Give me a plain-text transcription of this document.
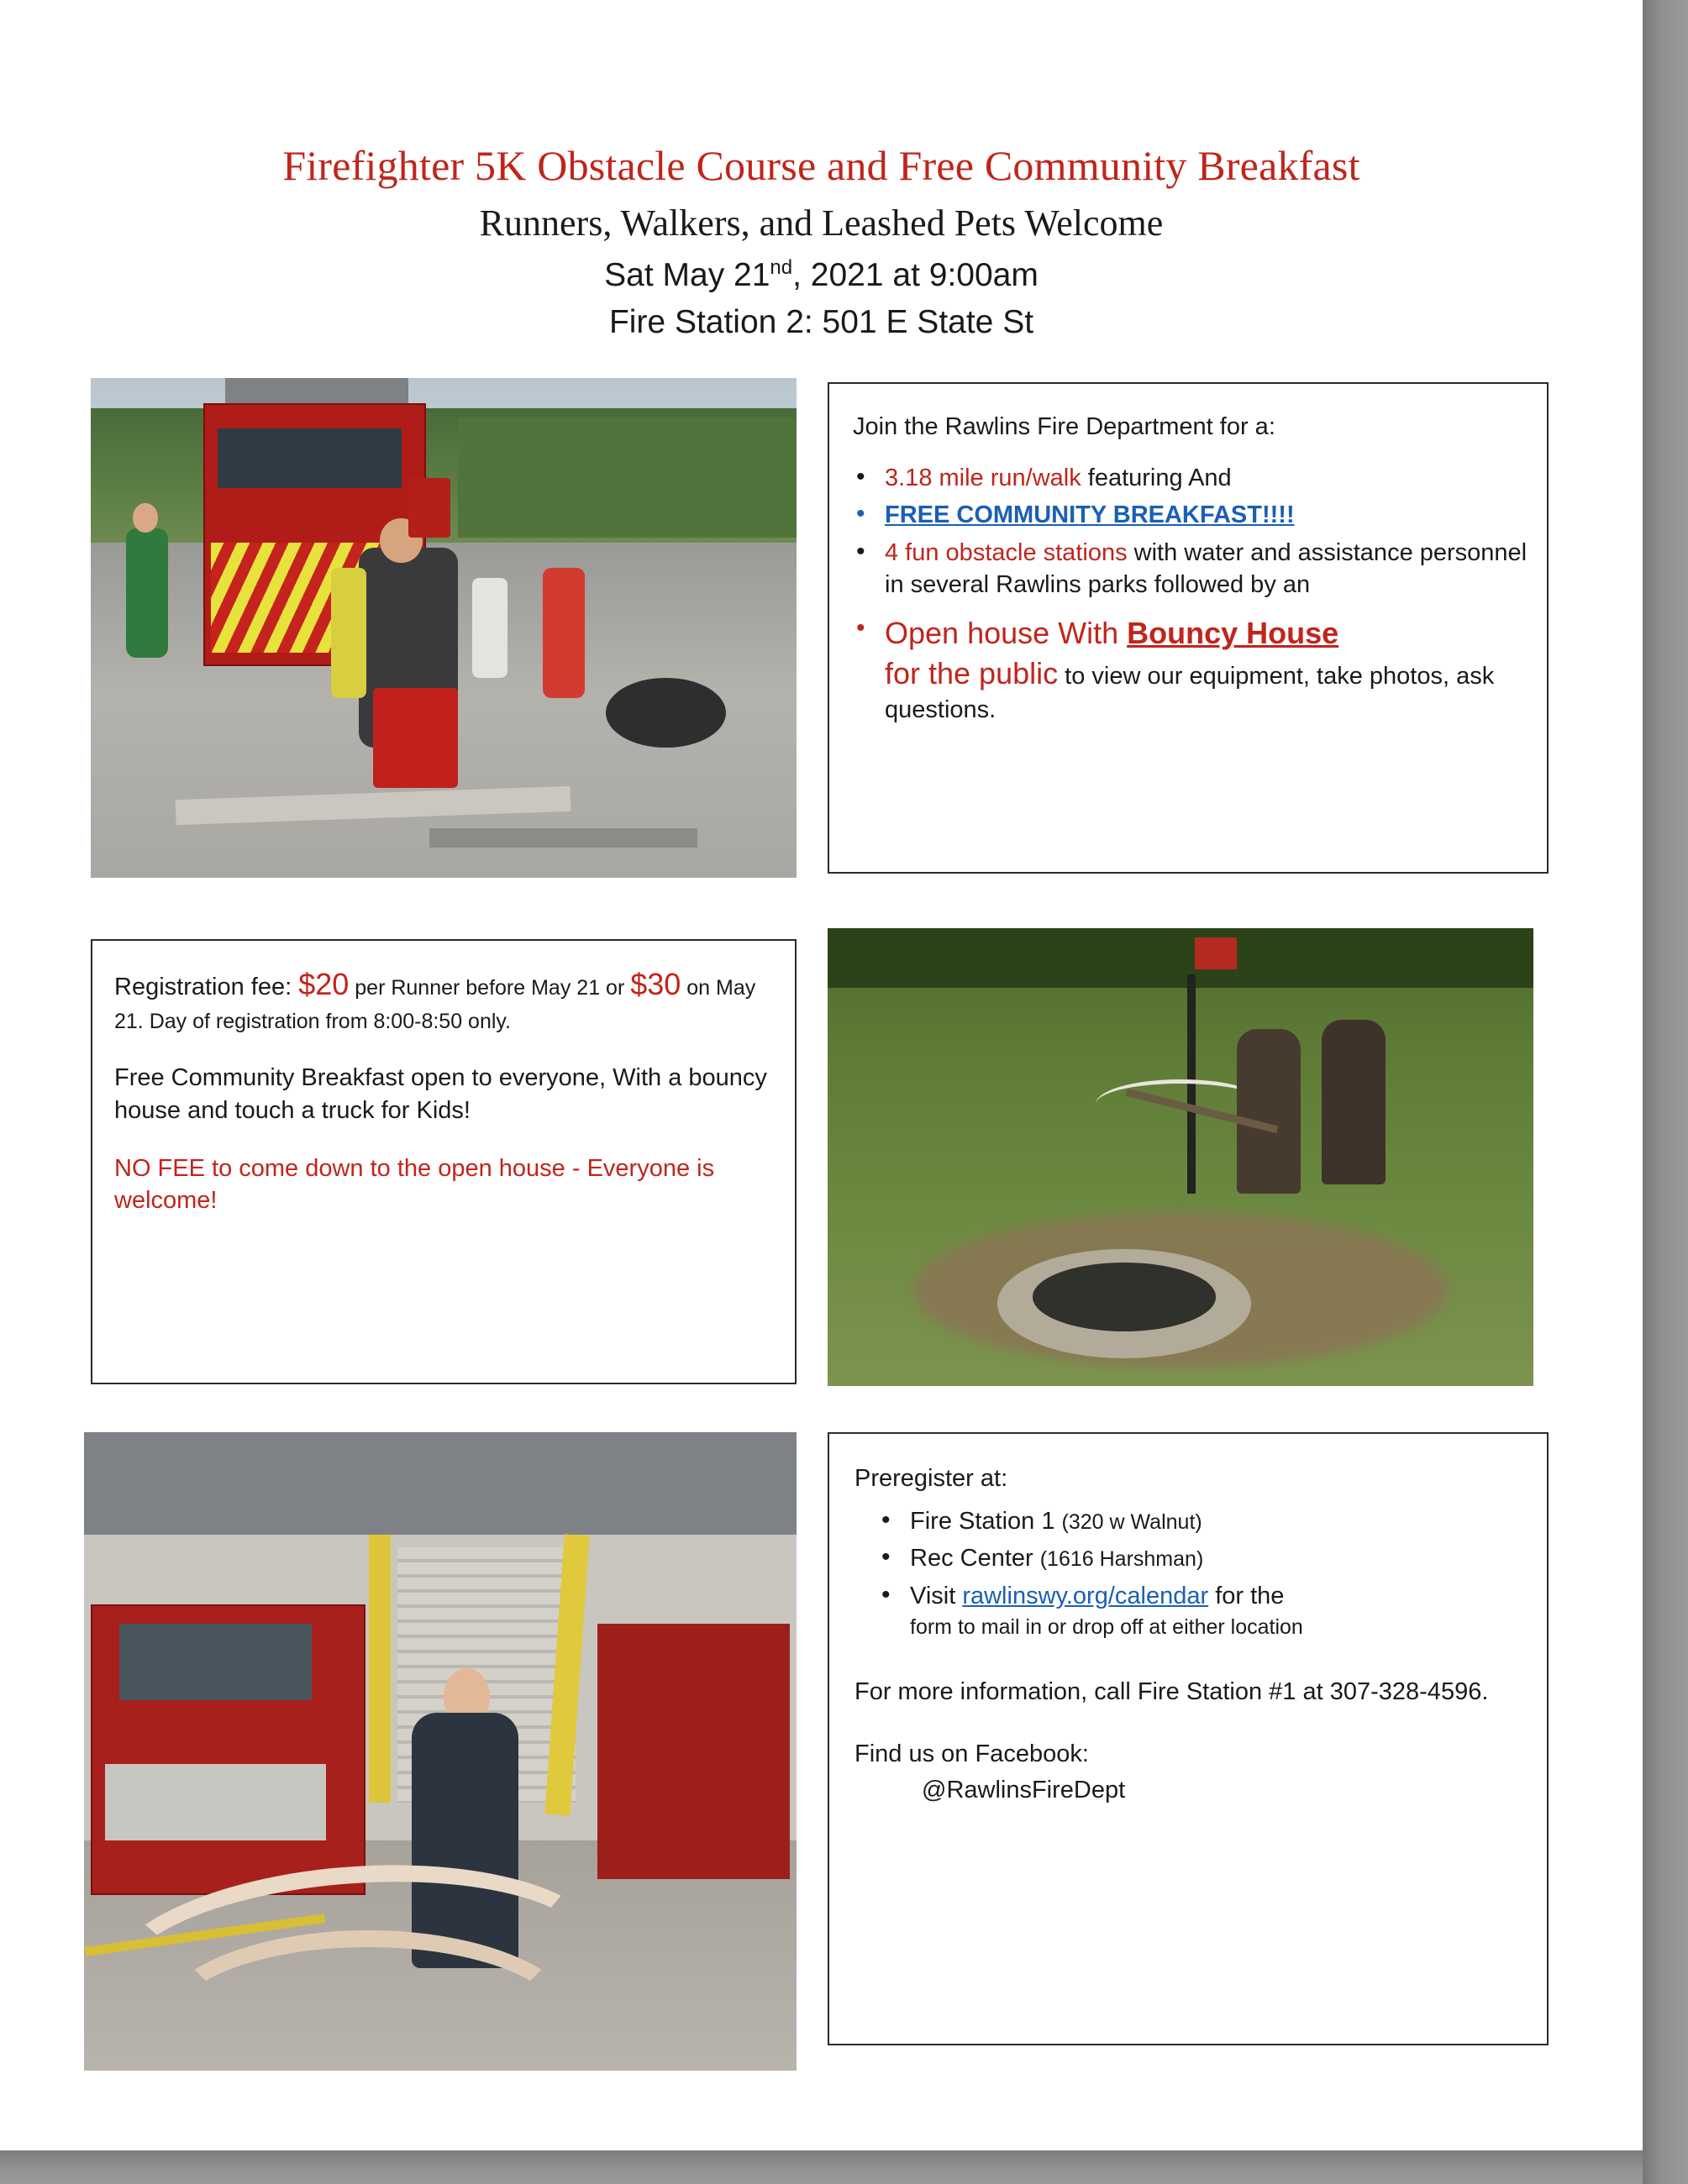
Firefighter 5K Obstacle Course and Free Community Breakfast
Runners, Walkers, and Leashed Pets Welcome
Sat May 21nd, 2021 at 9:00am
Fire Station 2: 501 E State St
Join the Rawlins Fire Department for a:
• 3.18 mile run/walk featuring And
• FREE COMMUNITY BREAKFAST!!!!
• 4 fun obstacle stations with water and assistance personnel in several Rawlins parks followed by an
• Open house With Bouncy House
for the public to view our equipment, take photos, ask questions.
Registration fee: $20 per Runner before May 21 or $30 on May 21. Day of registration from 8:00-8:50 only.
Free Community Breakfast open to everyone, With a bouncy house and touch a truck for Kids!
NO FEE to come down to the open house - Everyone is welcome!
Preregister at:
• Fire Station 1 (320 w Walnut)
• Rec Center (1616 Harshman)
• Visit rawlinswy.org/calendar for the
form to mail in or drop off at either location
For more information, call Fire Station #1 at 307-328-4596.
Find us on Facebook:
@RawlinsFireDept
